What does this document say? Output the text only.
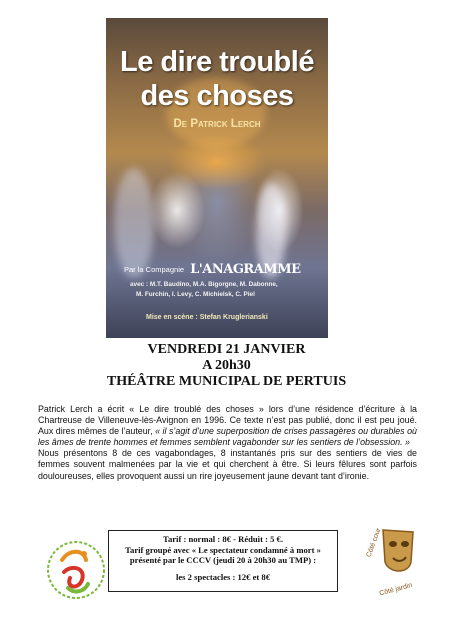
Le dire troublé
des choses
De Patrick Lerch
Par la Compagnie L'ANAGRAMME
avec : M.T. Baudino, M.A. Bigorgne, M. Dabonne,
M. Furchin, I. Levy, C. Michielsk, C. Piel
Mise en scène : Stefan Kruglerianski
VENDREDI 21 JANVIER
A 20h30
THÉÂTRE MUNICIPAL DE PERTUIS
Patrick Lerch a écrit « Le dire troublé des choses » lors d’une résidence d’écriture à la Chartreuse de Villeneuve-lès-Avignon en 1996. Ce texte n’est pas publié, donc il est peu joué. Aux dires mêmes de l’auteur, « il s’agit d’une superposition de crises passagères ou durables où les âmes de trente hommes et femmes semblent vagabonder sur les sentiers de l’obsession. »
Nous présentons 8 de ces vagabondages, 8 instantanés pris sur des sentiers de vies de femmes souvent malmenées par la vie et qui cherchent à être. Si leurs fêlures sont parfois douloureuses, elles provoquent aussi un rire joyeusement jaune devant tant d’ironie.
Tarif : normal : 8€ - Réduit : 5 €.
Tarif groupé avec « Le spectateur condamné à mort »
présenté par le CCCV (jeudi 20 à 20h30 au TMP) :
les 2 spectacles : 12€ et 8€
Côté cour
Côté jardin
